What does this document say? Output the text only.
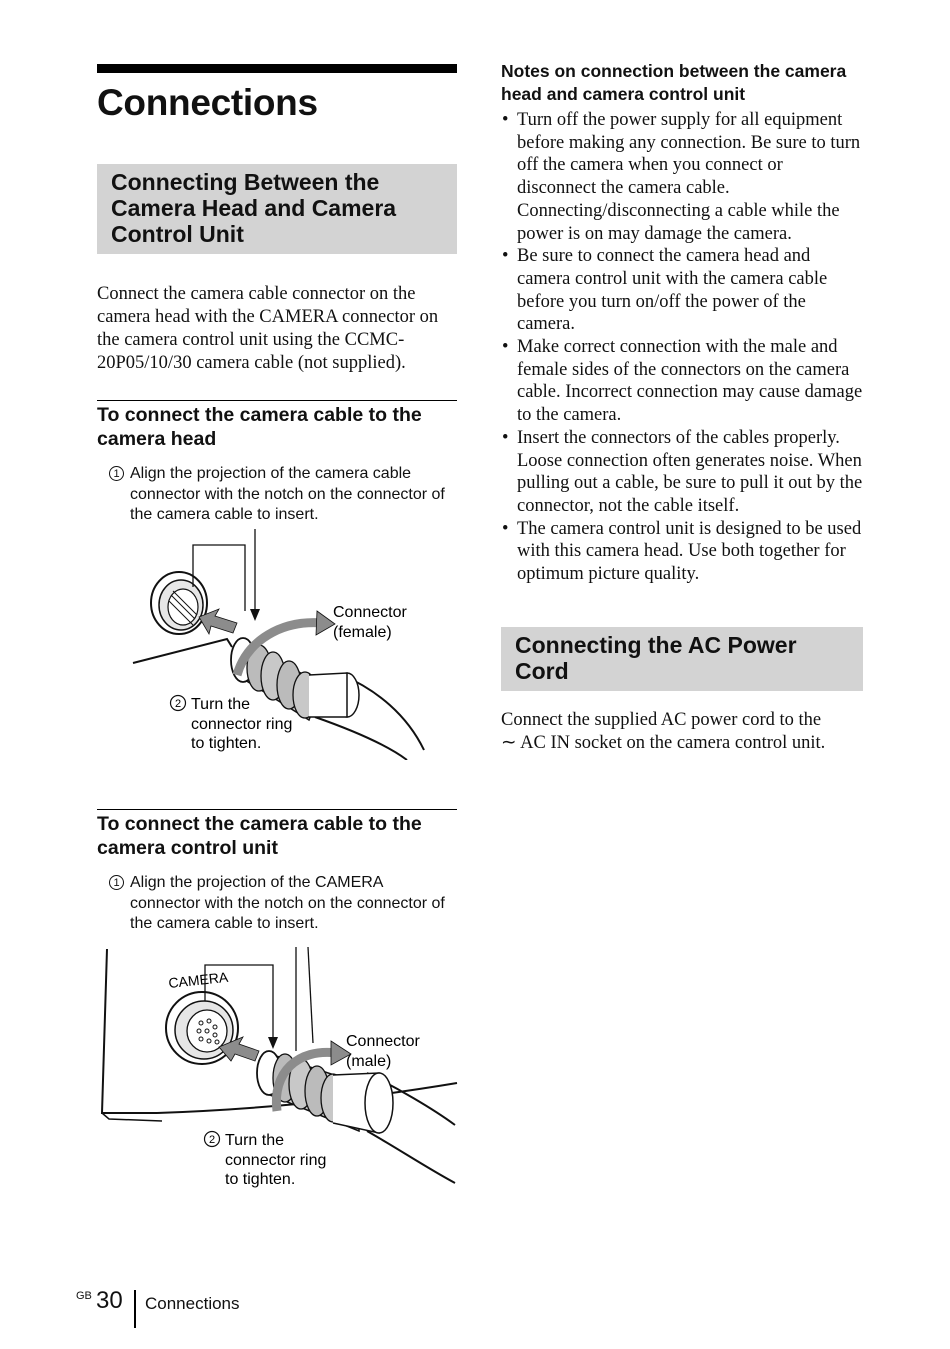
Connections
Connecting Between the Camera Head and Camera Control Unit

Connect the camera cable connector on the camera head with the CAMERA connector on the camera control unit using the CCMC-20P05/10/30 camera cable (not supplied).

To connect the camera cable to the camera head
1 Align the projection of the camera cable connector with the notch on the connector of the camera cable to insert.
Connector
(female)
2 Turn the
connector ring
to tighten.
To connect the camera cable to the camera control unit
1 Align the projection of the CAMERA connector with the notch on the connector of the camera cable to insert.
CAMERA
Connector
(male)
2 Turn the
connector ring
to tighten.
Notes on connection between the camera head and camera control unit
• Turn off the power supply for all equipment before making any connection. Be sure to turn off the camera when you connect or disconnect the camera cable. Connecting/disconnecting a cable while the power is on may damage the camera.
• Be sure to connect the camera head and camera control unit with the camera cable before you turn on/off the power of the camera.
• Make correct connection with the male and female sides of the connectors on the camera cable. Incorrect connection may cause damage to the camera.
• Insert the connectors of the cables properly. Loose connection often generates noise. When pulling out a cable, be sure to pull it out by the connector, not the cable itself.
• The camera control unit is designed to be used with this camera head. Use both together for optimum picture quality.
Connecting the AC Power Cord

Connect the supplied AC power cord to the
∼ AC IN socket on the camera control unit.

GB 30 Connections
